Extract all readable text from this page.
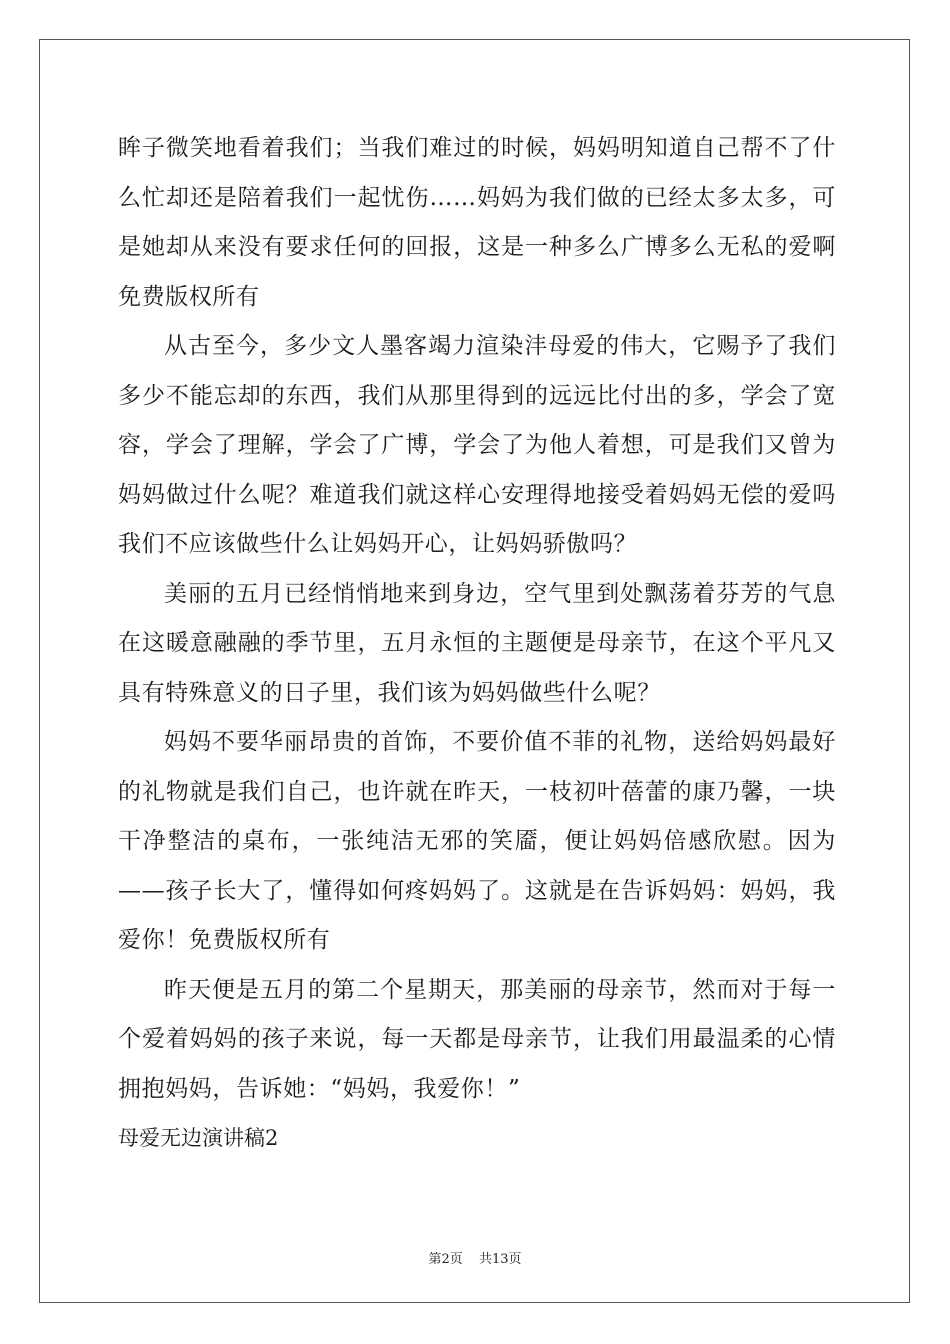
眸子微笑地看着我们；当我们难过的时候，妈妈明知道自己帮不了什么忙却还是陪着我们一起忧伤……妈妈为我们做的已经太多太多，可是她却从来没有要求任何的回报，这是一种多么广博多么无私的爱啊免费版权所有

从古至今，多少文人墨客竭力渲染沣母爱的伟大，它赐予了我们多少不能忘却的东西，我们从那里得到的远远比付出的多，学会了宽容，学会了理解，学会了广博，学会了为他人着想，可是我们又曾为妈妈做过什么呢？难道我们就这样心安理得地接受着妈妈无偿的爱吗我们不应该做些什么让妈妈开心，让妈妈骄傲吗？

美丽的五月已经悄悄地来到身边，空气里到处飘荡着芬芳的气息在这暖意融融的季节里，五月永恒的主题便是母亲节，在这个平凡又具有特殊意义的日子里，我们该为妈妈做些什么呢？

妈妈不要华丽昂贵的首饰，不要价值不菲的礼物，送给妈妈最好的礼物就是我们自己，也许就在昨天，一枝初叶蓓蕾的康乃馨，一块干净整洁的桌布，一张纯洁无邪的笑靥，便让妈妈倍感欣慰。因为——孩子长大了，懂得如何疼妈妈了。这就是在告诉妈妈：妈妈，我爱你！免费版权所有

昨天便是五月的第二个星期天，那美丽的母亲节，然而对于每一个爱着妈妈的孩子来说，每一天都是母亲节，让我们用最温柔的心情拥抱妈妈，告诉她：“妈妈，我爱你！”

母爱无边演讲稿2

第2页 共13页
